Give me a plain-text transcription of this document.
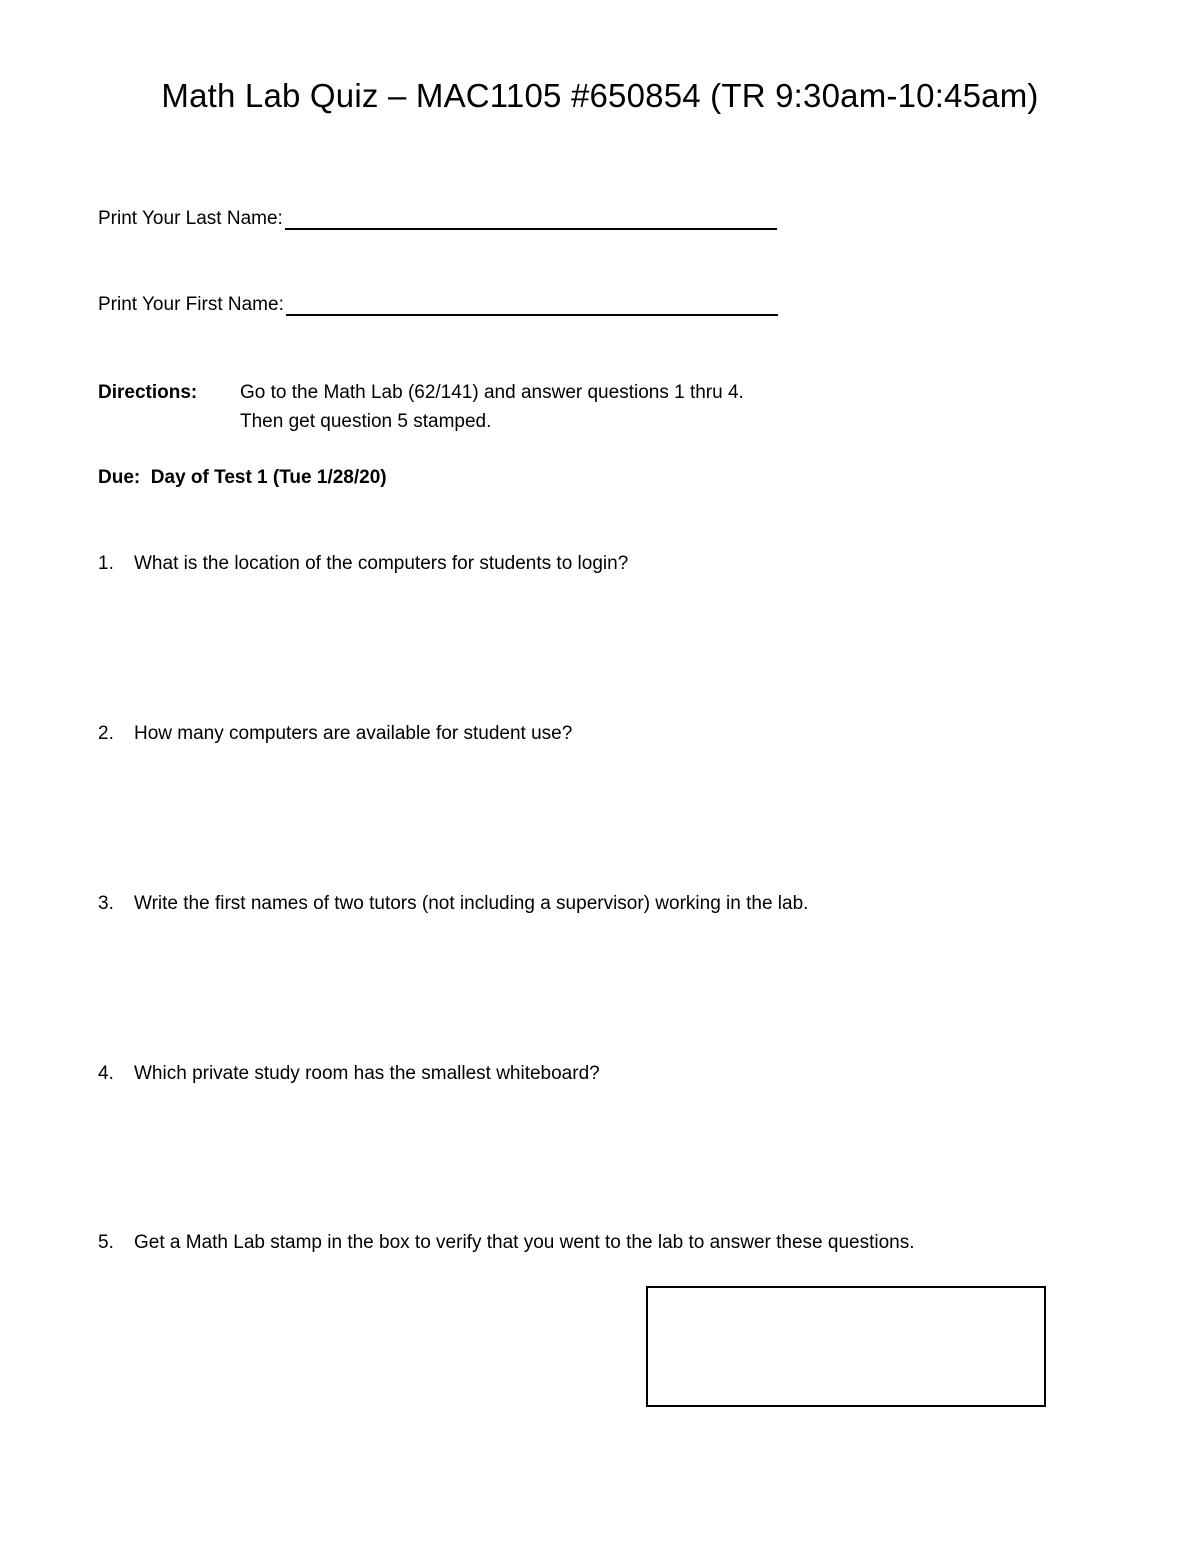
Math Lab Quiz – MAC1105 #650854 (TR 9:30am-10:45am)
Print Your Last Name:
Print Your First Name:
Directions:	Go to the Math Lab (62/141) and answer questions 1 thru 4.
Then get question 5 stamped.
Due:  Day of Test 1 (Tue 1/28/20)
1.	What is the location of the computers for students to login?
2.	How many computers are available for student use?
3.	Write the first names of two tutors (not including a supervisor) working in the lab.
4.	Which private study room has the smallest whiteboard?
5.	Get a Math Lab stamp in the box to verify that you went to the lab to answer these questions.
